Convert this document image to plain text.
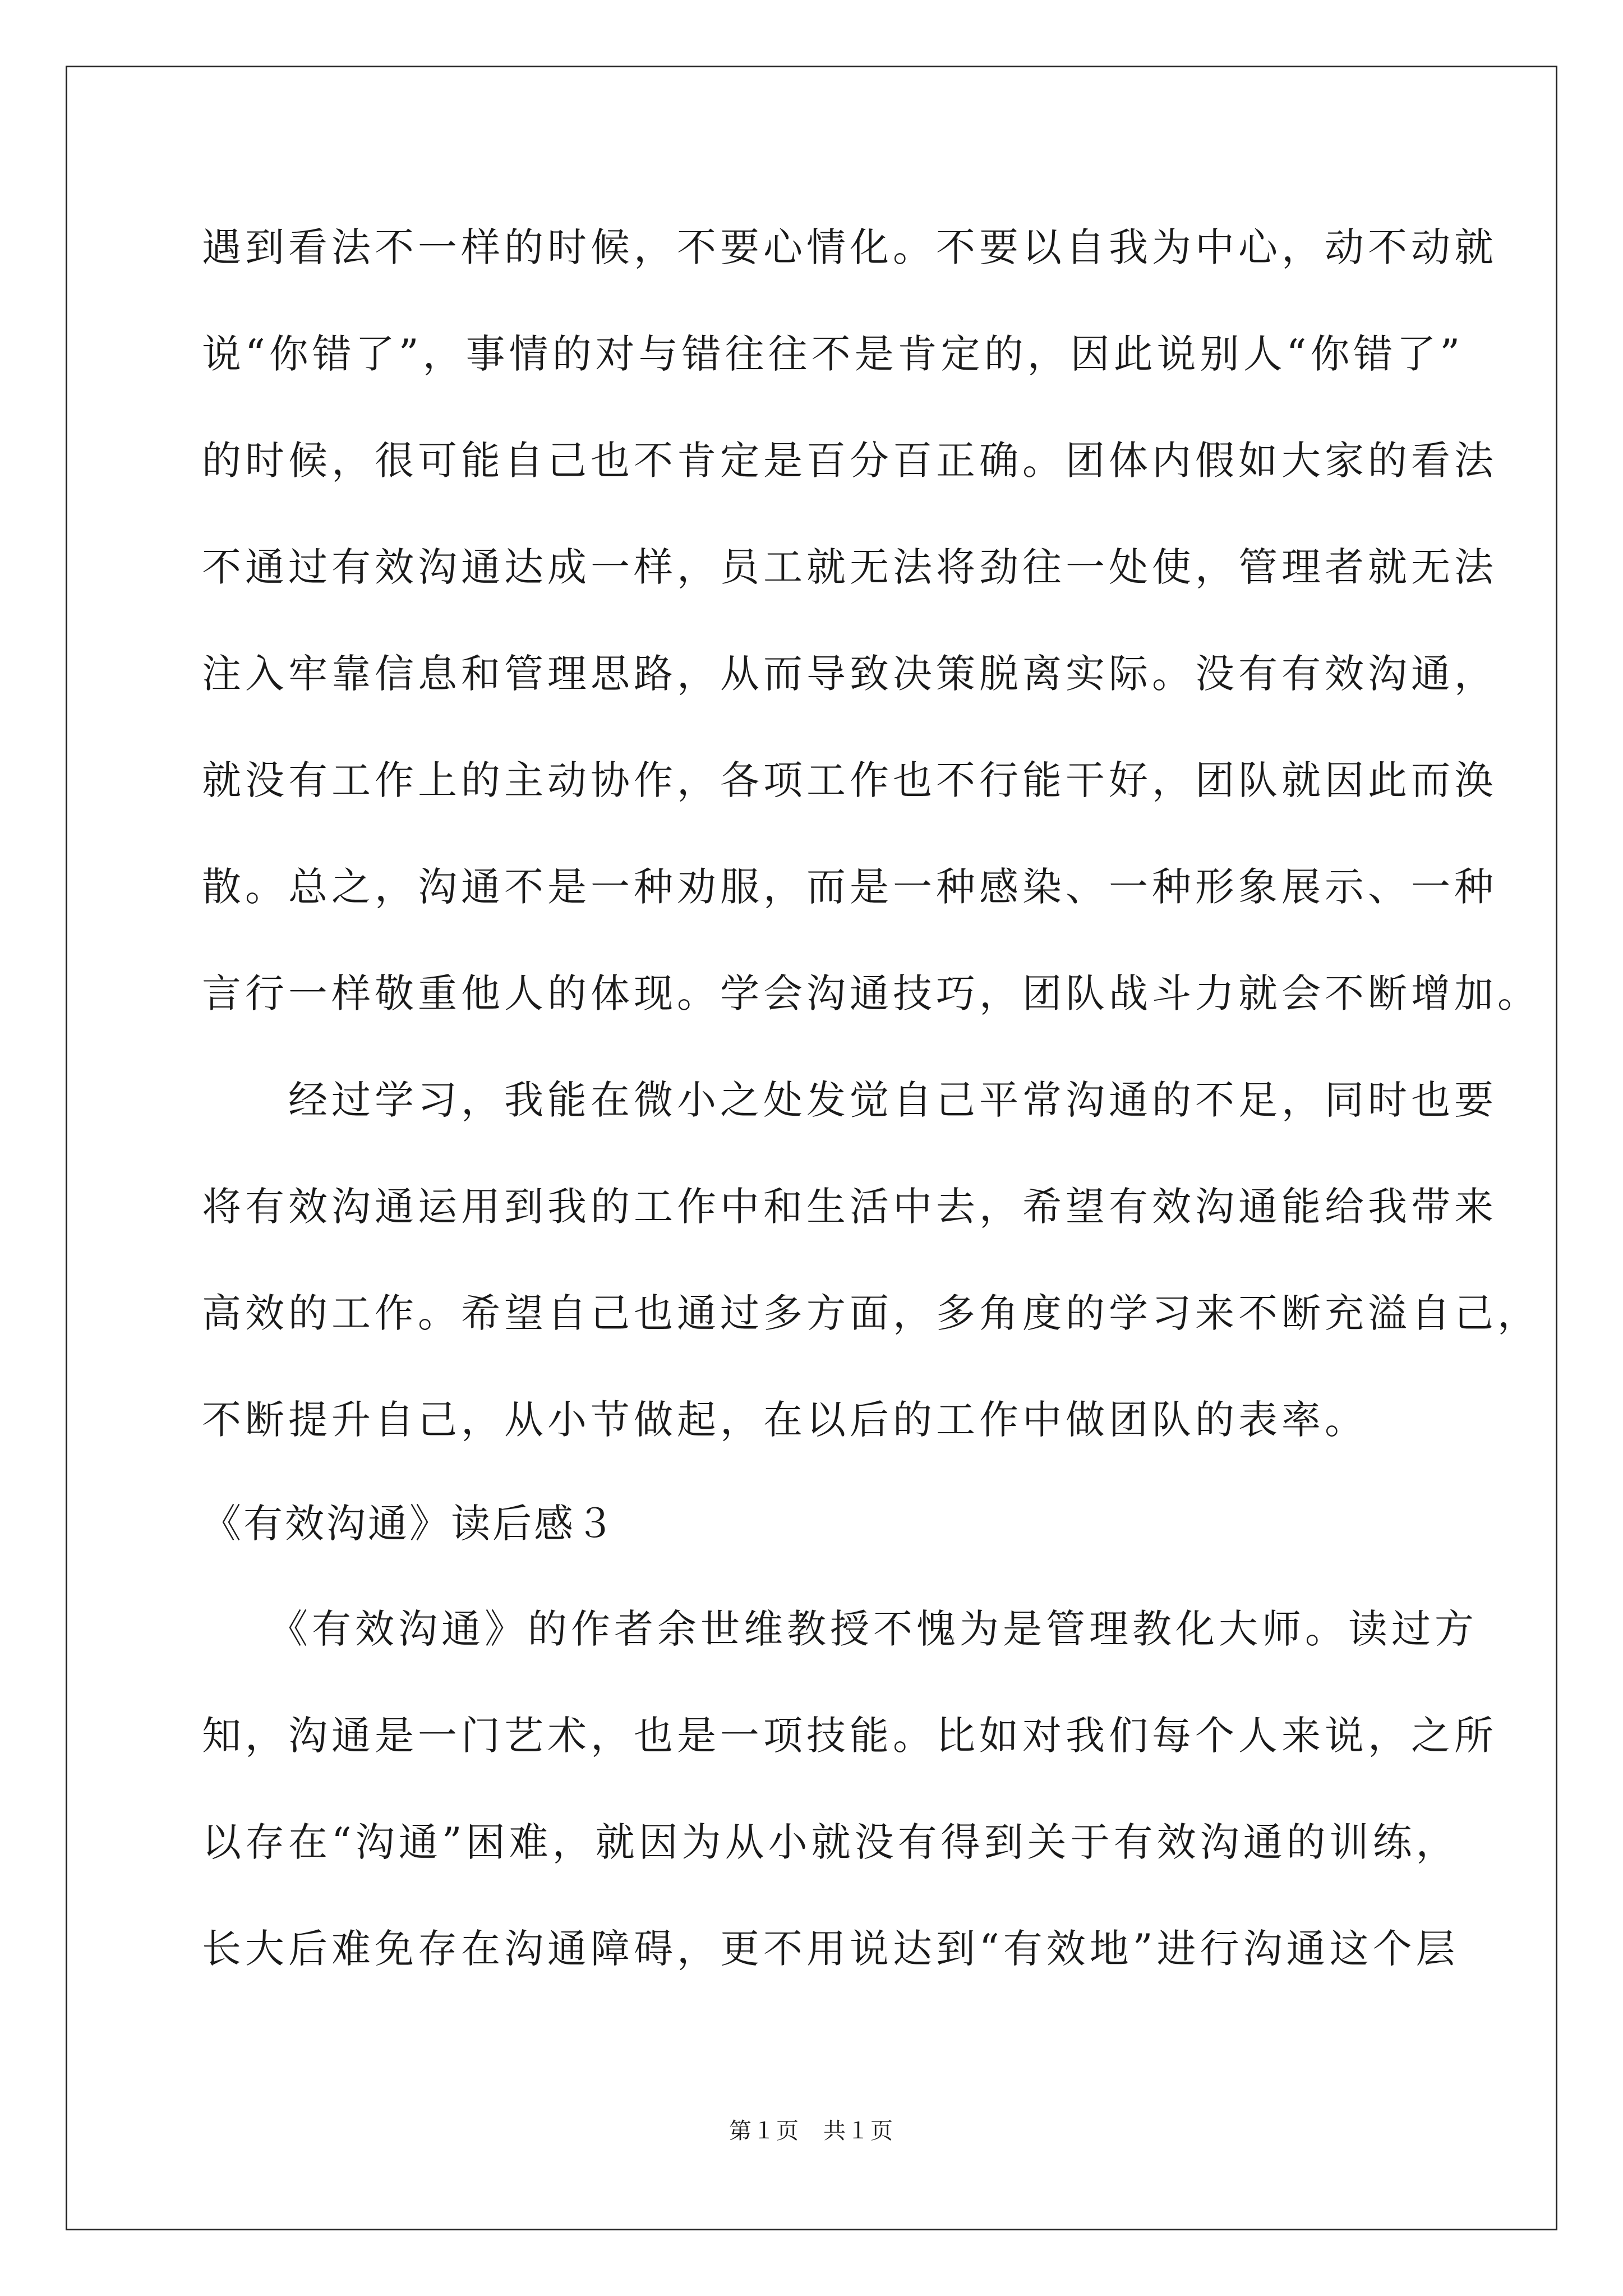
遇到看法不一样的时候，不要心情化。不要以自我为中心，动不动就
说“你错了”，事情的对与错往往不是肯定的，因此说别人“你错了”
的时候，很可能自己也不肯定是百分百正确。团体内假如大家的看法
不通过有效沟通达成一样，员工就无法将劲往一处使，管理者就无法
注入牢靠信息和管理思路，从而导致决策脱离实际。没有有效沟通，
就没有工作上的主动协作，各项工作也不行能干好，团队就因此而涣
散。总之，沟通不是一种劝服，而是一种感染、一种形象展示、一种
言行一样敬重他人的体现。学会沟通技巧，团队战斗力就会不断增加。
　　经过学习，我能在微小之处发觉自己平常沟通的不足，同时也要
将有效沟通运用到我的工作中和生活中去，希望有效沟通能给我带来
高效的工作。希望自己也通过多方面，多角度的学习来不断充溢自己，
不断提升自己，从小节做起，在以后的工作中做团队的表率。
《有效沟通》读后感３
　　《有效沟通》的作者余世维教授不愧为是管理教化大师。读过方
知，沟通是一门艺术，也是一项技能。比如对我们每个人来说，之所
以存在“沟通”困难，就因为从小就没有得到关于有效沟通的训练，
长大后难免存在沟通障碍，更不用说达到“有效地”进行沟通这个层
第１页　共１页
